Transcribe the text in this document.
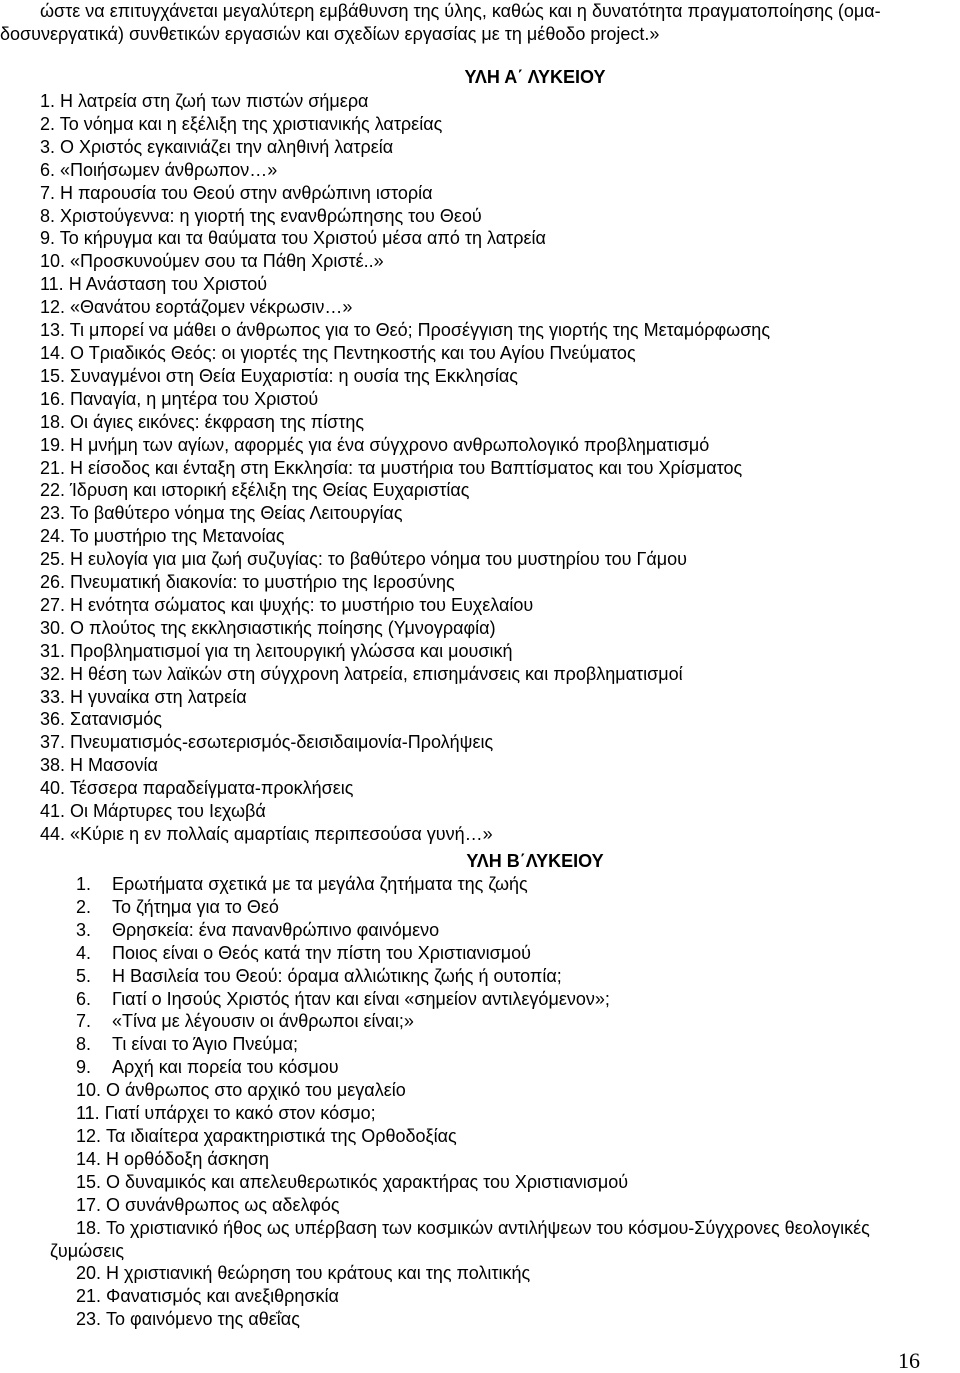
ώστε να επιτυγχάνεται μεγαλύτερη εμβάθυνση της ύλης, καθώς και η δυνατότητα πραγματοποίησης (ομα-

δοσυνεργατικά) συνθετικών εργασιών και σχεδίων εργασίας με τη μέθοδο project.»

ΥΛΗ Α΄ ΛΥΚΕΙΟΥ
1. Η λατρεία στη ζωή των πιστών σήμερα
2. Το νόημα και η εξέλιξη της χριστιανικής λατρείας
3. Ο Χριστός εγκαινιάζει την αληθινή λατρεία
6. «Ποιήσωμεν άνθρωπον…»
7. Η παρουσία του Θεού στην ανθρώπινη ιστορία
8. Χριστούγεννα: η γιορτή της ενανθρώπησης του Θεού
9. Το κήρυγμα και τα θαύματα του Χριστού μέσα από τη λατρεία
10. «Προσκυνούμεν σου τα Πάθη Χριστέ..»
11. Η Ανάσταση του Χριστού
12. «Θανάτου εορτάζομεν νέκρωσιν…»
13. Τι μπορεί να μάθει ο άνθρωπος για το Θεό; Προσέγγιση της γιορτής της Μεταμόρφωσης
14. Ο Τριαδικός Θεός: οι γιορτές της Πεντηκοστής και του Αγίου Πνεύματος
15. Συναγμένοι στη Θεία Ευχαριστία: η ουσία της Εκκλησίας
16. Παναγία, η μητέρα του Χριστού
18. Οι άγιες εικόνες: έκφραση της πίστης
19. Η μνήμη των αγίων, αφορμές για ένα σύγχρονο ανθρωπολογικό προβληματισμό
21. Η είσοδος και ένταξη στη Εκκλησία: τα μυστήρια του Βαπτίσματος και του Χρίσματος
22. Ίδρυση και ιστορική εξέλιξη της Θείας Ευχαριστίας
23. Το βαθύτερο νόημα της Θείας Λειτουργίας
24. Το μυστήριο της Μετανοίας
25. Η ευλογία για μια ζωή συζυγίας: το βαθύτερο νόημα του μυστηρίου του Γάμου
26. Πνευματική διακονία: το μυστήριο της Ιεροσύνης
27. Η ενότητα σώματος και ψυχής: το μυστήριο του Ευχελαίου
30. Ο πλούτος της εκκλησιαστικής ποίησης (Υμνογραφία)
31. Προβληματισμοί για τη λειτουργική γλώσσα και μουσική
32. Η θέση των λαϊκών στη σύγχρονη λατρεία, επισημάνσεις και προβληματισμοί
33. Η γυναίκα στη λατρεία
36. Σατανισμός
37. Πνευματισμός-εσωτερισμός-δεισιδαιμονία-Προλήψεις
38. Η Μασονία
40. Τέσσερα παραδείγματα-προκλήσεις
41. Οι Μάρτυρες του Ιεχωβά
44. «Κύριε η εν πολλαίς αμαρτίαις περιπεσούσα γυνή…»
ΥΛΗ Β΄ΛΥΚΕΙΟΥ
1.	Ερωτήματα σχετικά με τα μεγάλα ζητήματα της ζωής
2.	Το ζήτημα για το Θεό
3.	Θρησκεία: ένα πανανθρώπινο φαινόμενο
4.	Ποιος είναι ο Θεός κατά την πίστη του Χριστιανισμού
5.	Η Βασιλεία του Θεού: όραμα αλλιώτικης ζωής ή ουτοπία;
6.	Γιατί ο Ιησούς Χριστός ήταν και είναι «σημείον αντιλεγόμενον»;
7.	«Τίνα με λέγουσιν οι άνθρωποι είναι;»
8.	Τι είναι το Άγιο Πνεύμα;
9.	Αρχή και πορεία του κόσμου
10. Ο άνθρωπος στο αρχικό του μεγαλείο
11. Γιατί υπάρχει το κακό στον κόσμο;
12. Τα ιδιαίτερα χαρακτηριστικά της Ορθοδοξίας
14. Η ορθόδοξη άσκηση
15. Ο δυναμικός και απελευθερωτικός χαρακτήρας του Χριστιανισμού
17. Ο συνάνθρωπος ως αδελφός
18. Το χριστιανικό ήθος ως υπέρβαση των κοσμικών αντιλήψεων του κόσμου-Σύγχρονες θεολογικές
ζυμώσεις
20. Η χριστιανική θεώρηση του κράτους και της πολιτικής
21. Φανατισμός και ανεξιθρησκία
23. Το φαινόμενο της αθεΐας
16
